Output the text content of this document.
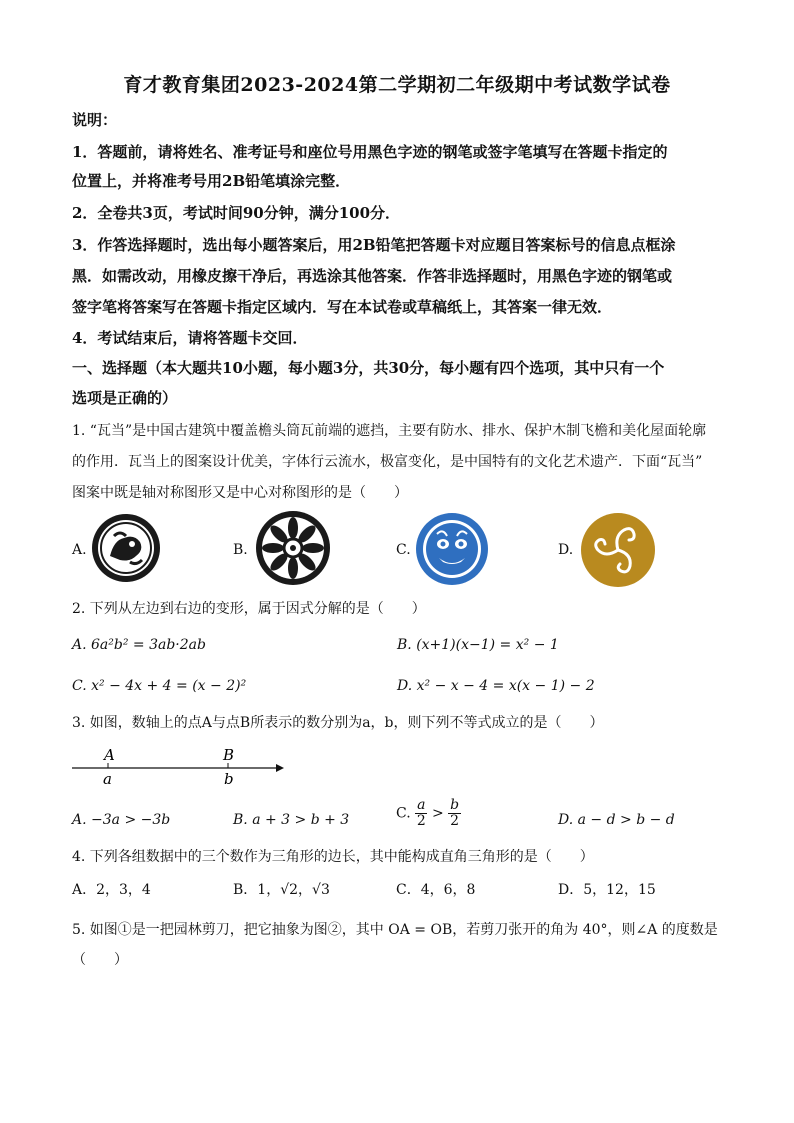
育才教育集团2023-2024第二学期初二年级期中考试数学试卷
说明：
1．答题前，请将姓名、准考证号和座位号用黑色字迹的钢笔或签字笔填写在答题卡指定的
位置上，并将准考号用2B铅笔填涂完整．
2．全卷共3页，考试时间90分钟，满分100分．
3．作答选择题时，选出每小题答案后，用2B铅笔把答题卡对应题目答案标号的信息点框涂
黑．如需改动，用橡皮擦干净后，再选涂其他答案．作答非选择题时，用黑色字迹的钢笔或
签字笔将答案写在答题卡指定区域内．写在本试卷或草稿纸上，其答案一律无效．
4．考试结束后，请将答题卡交回．
一、选择题（本大题共10小题，每小题3分，共30分，每小题有四个选项，其中只有一个
选项是正确的）
1. “瓦当”是中国古建筑中覆盖檐头筒瓦前端的遮挡，主要有防水、排水、保护木制飞檐和美化屋面轮廓
的作用．瓦当上的图案设计优美，字体行云流水，极富变化，是中国特有的文化艺术遗产．下面“瓦当”
图案中既是轴对称图形又是中心对称图形的是（　　）
A.	B.	C.	D.
2. 下列从左边到右边的变形，属于因式分解的是（　　）
A. 6a²b² = 3ab·2ab	B. (x+1)(x−1) = x² − 1
C. x² − 4x + 4 = (x − 2)²	D. x² − x − 4 = x(x − 1) − 2
3. 如图，数轴上的点A与点B所表示的数分别为a，b，则下列不等式成立的是（　　）
A	B
a	b
A. −3a > −3b	B. a + 3 > b + 3	C. $\frac{a}{2} > \frac{b}{2}$	D. a − d > b − d
4. 下列各组数据中的三个数作为三角形的边长，其中能构成直角三角形的是（　　）
A．2，3，4	B．1，√2，√3	C．4，6，8	D．5，12，15
5. 如图①是一把园林剪刀，把它抽象为图②，其中 OA = OB，若剪刀张开的角为 40°，则∠A 的度数是
（　　）
